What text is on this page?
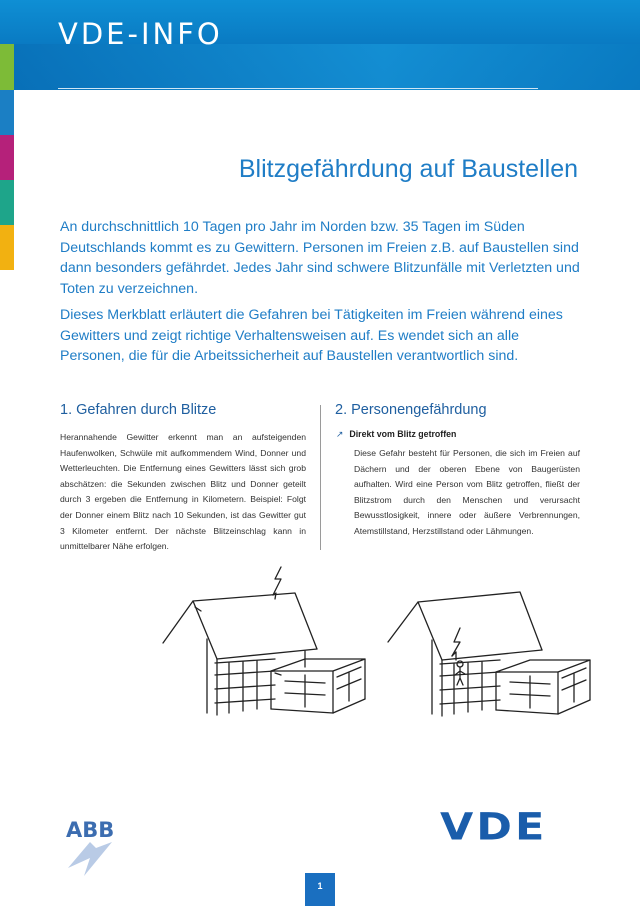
VDE-INFO
Blitzgefährdung auf Baustellen

An durchschnittlich 10 Tagen pro Jahr im Norden bzw. 35 Tagen im Süden Deutschlands kommt es zu Gewittern. Personen im Freien z.B. auf Baustellen sind dann besonders gefährdet. Jedes Jahr sind schwere Blitzunfälle mit Verletzten und Toten zu verzeichnen.

Dieses Merkblatt erläutert die Gefahren bei Tätigkeiten im Freien während eines Gewitters und zeigt richtige Verhaltensweisen auf. Es wendet sich an alle Personen, die für die Arbeitssicherheit auf Baustellen verantwortlich sind.

1. Gefahren durch Blitze
Herannahende Gewitter erkennt man an aufsteigenden Haufenwolken, Schwüle mit aufkommendem Wind, Donner und Wetterleuchten. Die Entfernung eines Gewitters lässt sich grob abschätzen: die Sekunden zwischen Blitz und Donner geteilt durch 3 ergeben die Entfernung in Kilometern. Beispiel: Folgt der Donner einem Blitz nach 10 Sekunden, ist das Gewitter gut 3 Kilometer entfernt. Der nächste Blitzeinschlag kann in unmittelbarer Nähe erfolgen.
2. Personengefährdung
↗ Direkt vom Blitz getroffen
Diese Gefahr besteht für Personen, die sich im Freien auf Dächern und der oberen Ebene von Baugerüsten aufhalten. Wird eine Person vom Blitz getroffen, fließt der Blitzstrom durch den Menschen und verursacht Bewusstlosigkeit, innere oder äußere Verbrennungen, Atemstillstand, Herzstillstand oder Lähmungen.
ABB	VDE
1
